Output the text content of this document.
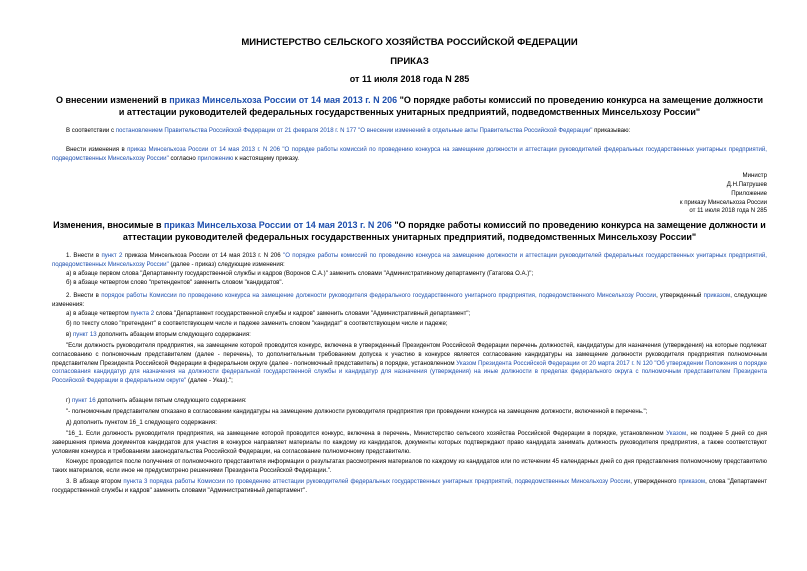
МИНИСТЕРСТВО СЕЛЬСКОГО ХОЗЯЙСТВА РОССИЙСКОЙ ФЕДЕРАЦИИ
ПРИКАЗ
от 11 июля 2018 года N 285
О внесении изменений в приказ Минсельхоза России от 14 мая 2013 г. N 206 "О порядке работы комиссий по проведению конкурса на замещение должности и аттестации руководителей федеральных государственных унитарных предприятий, подведомственных Минсельхозу России"
В соответствии с постановлением Правительства Российской Федерации от 21 февраля 2018 г. N 177 "О внесении изменений в отдельные акты Правительства Российской Федерации" приказываю:
Внести изменения в приказ Минсельхоза России от 14 мая 2013 г. N 206 "О порядке работы комиссий по проведению конкурса на замещение должности и аттестации руководителей федеральных государственных унитарных предприятий, подведомственных Минсельхозу России" согласно приложению к настоящему приказу.
Министр
Д.Н.Патрушев
Приложение
к приказу Минсельхоза России
от 11 июля 2018 года N 285
Изменения, вносимые в приказ Минсельхоза России от 14 мая 2013 г. N 206 "О порядке работы комиссий по проведению конкурса на замещение должности и аттестации руководителей федеральных государственных унитарных предприятий, подведомственных Минсельхозу России"
1. Внести в пункт 2 приказа Минсельхоза России от 14 мая 2013 г. N 206 "О порядке работы комиссий по проведению конкурса на замещение должности и аттестации руководителей федеральных государственных унитарных предприятий, подведомственных Минсельхозу России" (далее - приказ) следующие изменения:
а) в абзаце первом слова "Департаменту государственной службы и кадров (Воронов С.А.)" заменить словами "Административному департаменту (Гатагова О.А.)";
б) в абзаце четвертом слово "претендентов" заменить словом "кандидатов".
2. Внести в порядок работы Комиссии по проведению конкурса на замещение должности руководителя федерального государственного унитарного предприятия, подведомственного Минсельхозу России, утвержденный приказом, следующие изменения:
а) в абзаце четвертом пункта 2 слова "Департамент государственной службы и кадров" заменить словами "Административный департамент";
б) по тексту слово "претендент" в соответствующем числе и падеже заменить словом "кандидат" в соответствующем числе и падеже;
в) пункт 13 дополнить абзацем вторым следующего содержания:
"Если должность руководителя предприятия, на замещение которой проводится конкурс, включена в утвержденный Президентом Российской Федерации перечень должностей, кандидатуры для назначения (утверждения) на которые подлежат согласованию с полномочным представителем (далее - перечень), то дополнительным требованием допуска к участию в конкурсе является согласование кандидатуры на замещение должности руководителя предприятия полномочным представителем Президента Российской Федерации в федеральном округе (далее - полномочный представитель) в порядке, установленном Указом Президента Российской Федерации от 20 марта 2017 г. N 120 "Об утверждении Положения о порядке согласования кандидатур для назначения на должности федеральной государственной службы и кандидатур для назначения (утверждения) на иные должности в пределах федерального округа с полномочным представителем Президента Российской Федерации в федеральном округе" (далее - Указ).";
г) пункт 16 дополнить абзацем пятым следующего содержания:
"- полномочным представителем отказано в согласовании кандидатуры на замещение должности руководителя предприятия при проведении конкурса на замещение должности, включенной в перечень.";
д) дополнить пунктом 16_1 следующего содержания:
"16_1. Если должность руководителя предприятия, на замещение которой проводится конкурс, включена в перечень, Министерство сельского хозяйства Российской Федерации в порядке, установленном Указом, не позднее 5 дней со дня завершения приема документов кандидатов для участия в конкурсе направляет материалы по каждому из кандидатов, документы которых подтверждают право кандидата занимать должность руководителя предприятия, а также соответствуют условиям конкурса и требованиям законодательства Российской Федерации, на согласование полномочному представителю.
Конкурс проводится после получения от полномочного представителя информации о результатах рассмотрения материалов по каждому из кандидатов или по истечении 45 календарных дней со дня представления полномочному представителю таких материалов, если иное не предусмотрено решениями Президента Российской Федерации.".
3. В абзаце втором пункта 3 порядка работы Комиссии по проведению аттестации руководителей федеральных государственных унитарных предприятий, подведомственных Минсельхозу России, утвержденного приказом, слова "Департамент государственной службы и кадров" заменить словами "Административный департамент".
